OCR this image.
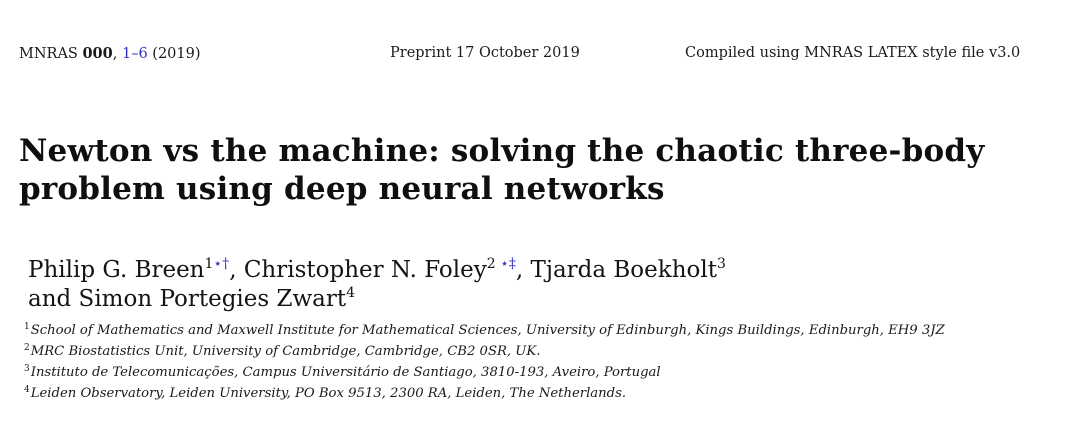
MNRAS 000, 1–6 (2019)	Preprint 17 October 2019	Compiled using MNRAS LATEX style file v3.0
Newton vs the machine: solving the chaotic three-body
problem using deep neural networks
Philip G. Breen$^{1⋆\dagger}$, Christopher N. Foley$^2$ ⋆‡, Tjarda Boekholt$^3$
and Simon Portegies Zwart$^4$
$^1$School of Mathematics and Maxwell Institute for Mathematical Sciences, University of Edinburgh, Kings Buildings, Edinburgh, EH9 3JZ
$^2$MRC Biostatistics Unit, University of Cambridge, Cambridge, CB2 0SR, UK.
$^3$Instituto de Telecomunicações, Campus Universitário de Santiago, 3810-193, Aveiro, Portugal
$^4$Leiden Observatory, Leiden University, PO Box 9513, 2300 RA, Leiden, The Netherlands.
